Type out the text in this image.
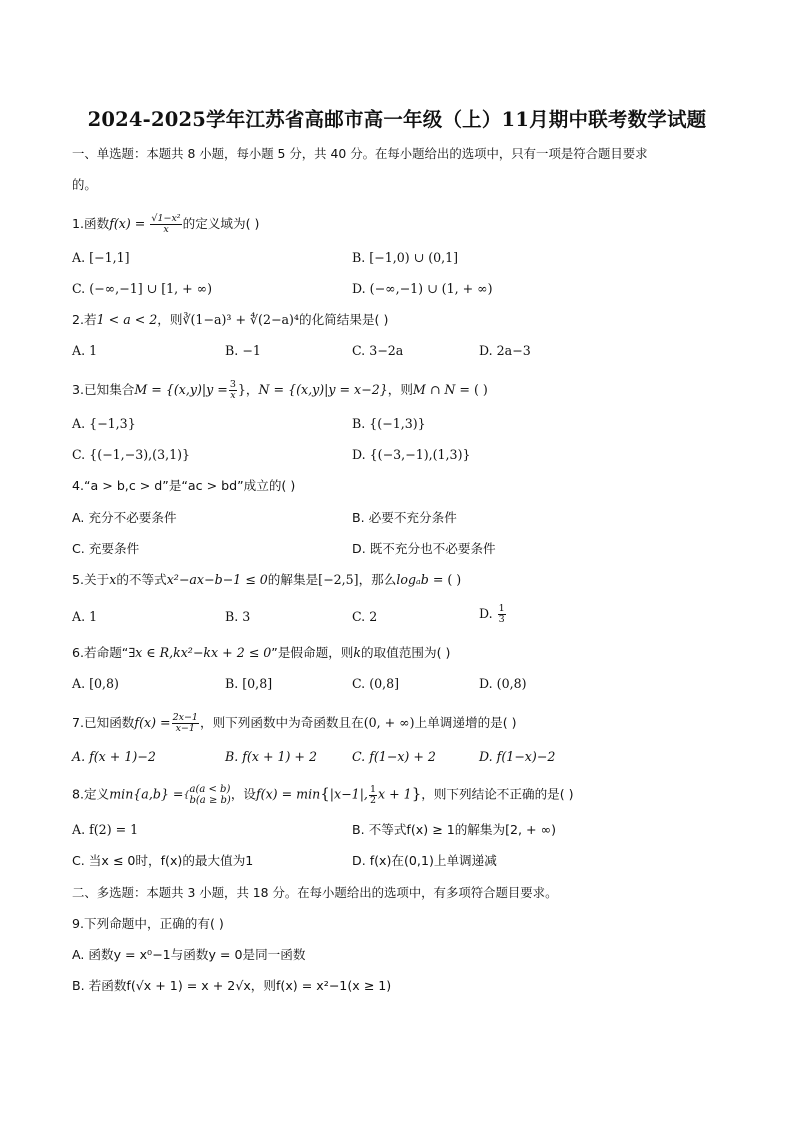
2024-2025学年江苏省高邮市高一年级（上）11月期中联考数学试题
一、单选题：本题共 8 小题，每小题 5 分，共 40 分。在每小题给出的选项中，只有一项是符合题目要求
的。
1.函数$f(x) = \frac{\text{√1−x²}}{x}$ 的定义域为( )
A. [−1,1]	B. [−1,0) ∪ (0,1]
C. (−∞,−1] ∪ [1, + ∞)	D. (−∞,−1) ∪ (1, + ∞)
2.若1 < a < 2，则∛(1−a)³ + ∜(2−a)⁴的化简结果是( )
A. 1	B. −1	C. 3−2a	D. 2a−3
3.已知集合$M = \{(x,y)|y = \frac{3}{x}$ }，N = {(x,y)|y = x−2}，则M ∩ N = ( )
A. {−1,3}	B. {(−1,3)}
C. {(−1,−3),(3,1)}	D. {(−3,−1),(1,3)}
4.“a > b,c > d”是“ac > bd”成立的( )
A. 充分不必要条件	B. 必要不充分条件
C. 充要条件	D. 既不充分也不必要条件
5.关于x的不等式x²−ax−b−1 ≤ 0的解集是[−2,5]，那么logₐb = ( )
A. 1	B. 3	C. 2	D. $\frac{1}{3}$
6.若命题“∃x ∈ R,kx²−kx + 2 ≤ 0”是假命题，则k的取值范围为( )
A. [0,8)	B. [0,8]	C. (0,8]	D. (0,8)
7.已知函数$f(x) = \frac{2x-1}{x-1}$ ，则下列函数中为奇函数且在(0, + ∞)上单调递增的是( )
A. f(x + 1)−2	B. f(x + 1) + 2	C. f(1−x) + 2	D. f(1−x)−2
8.定义min{a,b} ={ a(a < b)
b(a ≥ b) ，设f(x) = min{|x−1|, $\frac{1}{2}$ x + 1}，则下列结论不正确的是( )
A. f(2) = 1	B. 不等式f(x) ≥ 1的解集为[2, + ∞)
C. 当x ≤ 0时，f(x)的最大值为1	D. f(x)在(0,1)上单调递减
二、多选题：本题共 3 小题，共 18 分。在每小题给出的选项中，有多项符合题目要求。
9.下列命题中，正确的有( )
A. 函数y = x⁰−1与函数y = 0是同一函数
B. 若函数f(√x + 1) = x + 2√x，则f(x) = x²−1(x ≥ 1)
